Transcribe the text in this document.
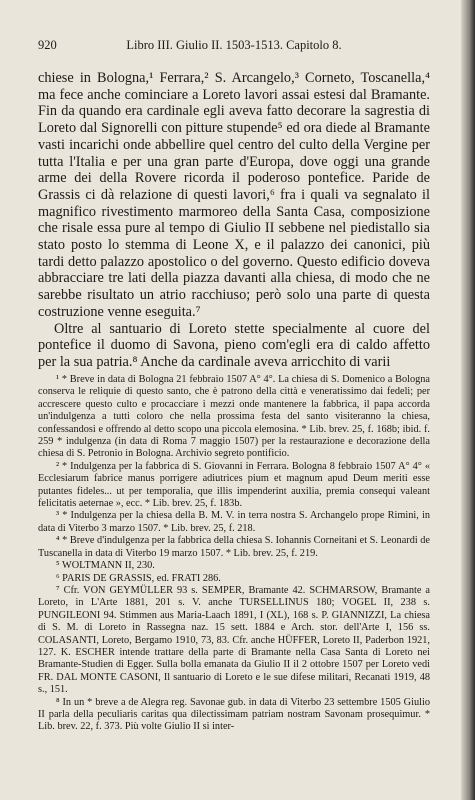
920	Libro III. Giulio II. 1503-1513. Capitolo 8.

chiese in Bologna,¹ Ferrara,² S. Arcangelo,³ Corneto, Toscanella,⁴ ma fece anche cominciare a Loreto lavori assai estesi dal Bramante. Fin da quando era cardinale egli aveva fatto decorare la sagrestia di Loreto dal Signorelli con pitture stupende⁵ ed ora diede al Bramante vasti incarichi onde abbellire quel centro del culto della Vergine per tutta l'Italia e per una gran parte d'Europa, dove oggi una grande arme dei della Rovere ricorda il poderoso pontefice. Paride de Grassis ci dà relazione di questi lavori,⁶ fra i quali va segnalato il magnifico rivestimento marmoreo della Santa Casa, composizione che risale essa pure al tempo di Giulio II sebbene nel piedistallo sia stato posto lo stemma di Leone X, e il palazzo dei canonici, più tardi detto palazzo apostolico o del governo. Questo edificio doveva abbracciare tre lati della piazza davanti alla chiesa, di modo che ne sarebbe risultato un atrio racchiuso; però solo una parte di questa costruzione venne eseguita.⁷

Oltre al santuario di Loreto stette specialmente al cuore del pontefice il duomo di Savona, pieno com'egli era di caldo affetto per la sua patria.⁸ Anche da cardinale aveva arricchito di varii

¹ * Breve in data di Bologna 21 febbraio 1507 A° 4°. La chiesa di S. Domenico a Bologna conserva le reliquie di questo santo, che è patrono della città e veneratissimo dai fedeli; per accrescere questo culto e procacciare i mezzi onde mantenere la fabbrica, il papa accorda un'indulgenza a tutti coloro che nella prossima festa del santo visiteranno la chiesa, confessandosi e offrendo al detto scopo una piccola elemosina. * Lib. brev. 25, f. 168b; ibid. f. 259 * indulgenza (in data di Roma 7 maggio 1507) per la restaurazione e decorazione della chiesa di S. Petronio in Bologna. Archivio segreto pontificio.

² * Indulgenza per la fabbrica di S. Giovanni in Ferrara. Bologna 8 febbraio 1507 A° 4° « Ecclesiarum fabrice manus porrigere adiutrices pium et magnum apud Deum meriti esse putantes fideles... ut per temporalia, que illis impenderint auxilia, premia consequi valeant felicitatis aeternae », ecc. * Lib. brev. 25, f. 183b.

³ * Indulgenza per la chiesa della B. M. V. in terra nostra S. Archangelo prope Rimini, in data di Viterbo 3 marzo 1507. * Lib. brev. 25, f. 218.

⁴ * Breve d'indulgenza per la fabbrica della chiesa S. Iohannis Corneitani et S. Leonardi de Tuscanella in data di Viterbo 19 marzo 1507. * Lib. brev. 25, f. 219.

⁵ WOLTMANN II, 230.

⁶ PARIS DE GRASSIS, ed. FRATI 286.

⁷ Cfr. VON GEYMÜLLER 93 s. SEMPER, Bramante 42. SCHMARSOW, Bramante a Loreto, in L'Arte 1881, 201 s. V. anche TURSELLINUS 180; VOGEL II, 238 s. PUNGILEONI 94. Stimmen aus Maria-Laach 1891, I (XL), 168 s. P. GIANNIZZI, La chiesa di S. M. di Loreto in Rassegna naz. 15 sett. 1884 e Arch. stor. dell'Arte I, 156 ss. COLASANTI, Loreto, Bergamo 1910, 73, 83. Cfr. anche HÜFFER, Loreto II, Paderbon 1921, 127. K. ESCHER intende trattare della parte di Bramante nella Casa Santa di Loreto nei Bramante-Studien di Egger. Sulla bolla emanata da Giulio II il 2 ottobre 1507 per Loreto vedi FR. DAL MONTE CASONI, Il santuario di Loreto e le sue difese militari, Recanati 1919, 48 s., 151.

⁸ In un * breve a de Alegra reg. Savonae gub. in data di Viterbo 23 settembre 1505 Giulio II parla della peculiaris caritas qua dilectissimam patriam nostram Savonam prosequimur. * Lib. brev. 22, f. 373. Più volte Giulio II si inter-
